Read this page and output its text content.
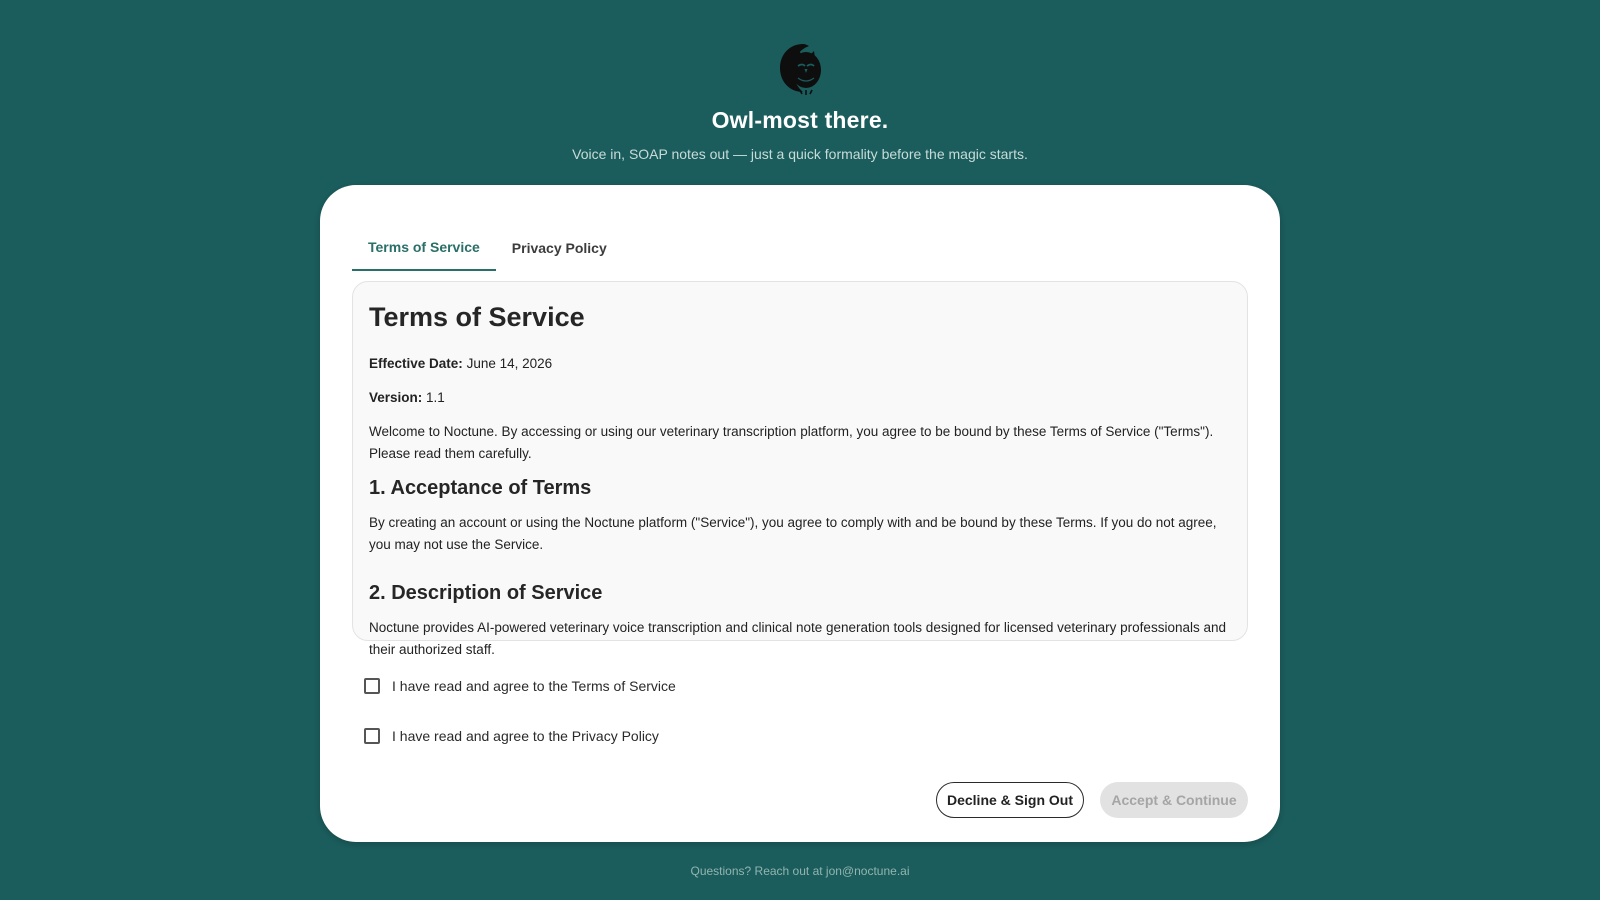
Owl-most there.
Voice in, SOAP notes out — just a quick formality before the magic starts.
Terms of Service	Privacy Policy
Terms of Service

Effective Date: June 14, 2026

Version: 1.1

Welcome to Noctune. By accessing or using our veterinary transcription platform, you agree to be bound by these Terms of Service ("Terms"). Please read them carefully.

1. Acceptance of Terms

By creating an account or using the Noctune platform ("Service"), you agree to comply with and be bound by these Terms. If you do not agree, you may not use the Service.

2. Description of Service

Noctune provides AI-powered veterinary voice transcription and clinical note generation tools designed for licensed veterinary professionals and their authorized staff.

I have read and agree to the Terms of Service
I have read and agree to the Privacy Policy
Decline & Sign Out	Accept & Continue
Questions? Reach out at jon@noctune.ai
